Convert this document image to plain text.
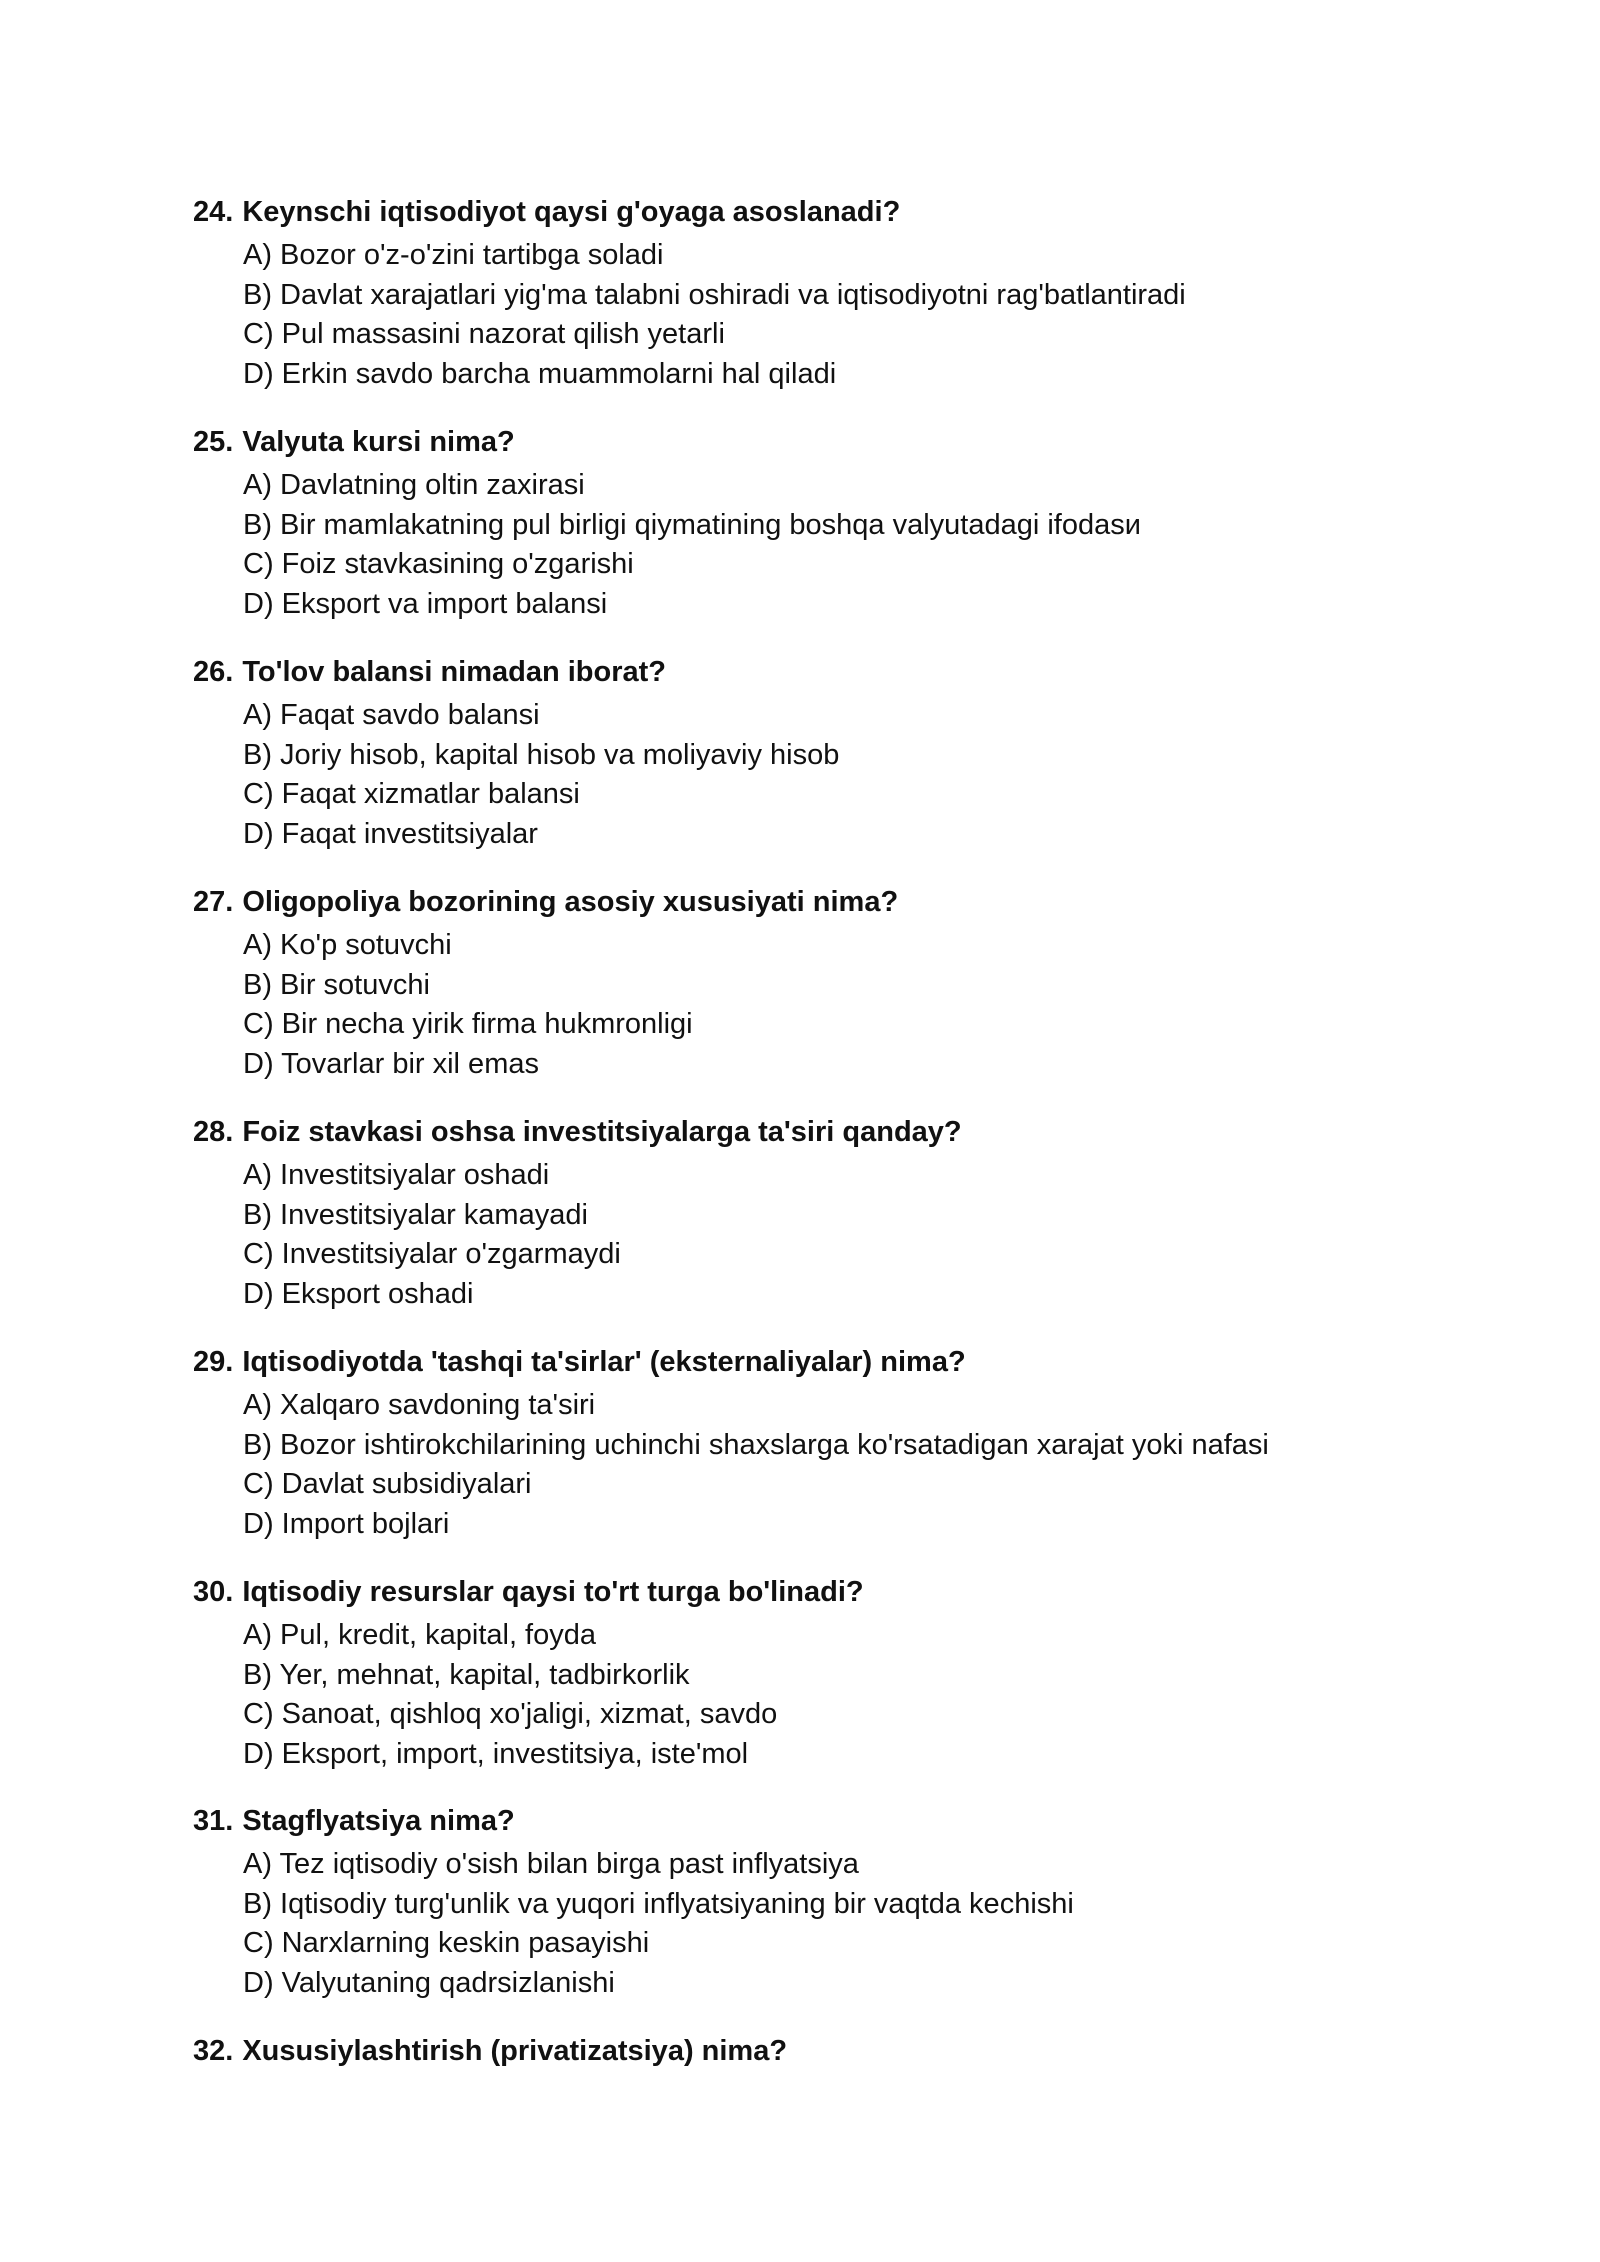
24. Keynschi iqtisodiyot qaysi g'oyaga asoslanadi?
A) Bozor o'z-o'zini tartibga soladi
B) Davlat xarajatlari yig'ma talabni oshiradi va iqtisodiyotni rag'batlantiradi
C) Pul massasini nazorat qilish yetarli
D) Erkin savdo barcha muammolarni hal qiladi
25. Valyuta kursi nima?
A) Davlatning oltin zaxirasi
B) Bir mamlakatning pul birligi qiymatining boshqa valyutadagi ifodasи
C) Foiz stavkasining o'zgarishi
D) Eksport va import balansi
26. To'lov balansi nimadan iborat?
A) Faqat savdo balansi
B) Joriy hisob, kapital hisob va moliyaviy hisob
C) Faqat xizmatlar balansi
D) Faqat investitsiyalar
27. Oligopoliya bozorining asosiy xususiyati nima?
A) Ko'p sotuvchi
B) Bir sotuvchi
C) Bir necha yirik firma hukmronligi
D) Tovarlar bir xil emas
28. Foiz stavkasi oshsa investitsiyalarga ta'siri qanday?
A) Investitsiyalar oshadi
B) Investitsiyalar kamayadi
C) Investitsiyalar o'zgarmaydi
D) Eksport oshadi
29. Iqtisodiyotda 'tashqi ta'sirlar' (eksternaliyalar) nima?
A) Xalqaro savdoning ta'siri
B) Bozor ishtirokchilarining uchinchi shaxslarga ko'rsatadigan xarajat yoki nafasi
C) Davlat subsidiyalari
D) Import bojlari
30. Iqtisodiy resurslar qaysi to'rt turga bo'linadi?
A) Pul, kredit, kapital, foyda
B) Yer, mehnat, kapital, tadbirkorlik
C) Sanoat, qishloq xo'jaligi, xizmat, savdo
D) Eksport, import, investitsiya, iste'mol
31. Stagflyatsiya nima?
A) Tez iqtisodiy o'sish bilan birga past inflyatsiya
B) Iqtisodiy turg'unlik va yuqori inflyatsiyaning bir vaqtda kechishi
C) Narxlarning keskin pasayishi
D) Valyutaning qadrsizlanishi
32. Xususiylashtirish (privatizatsiya) nima?
